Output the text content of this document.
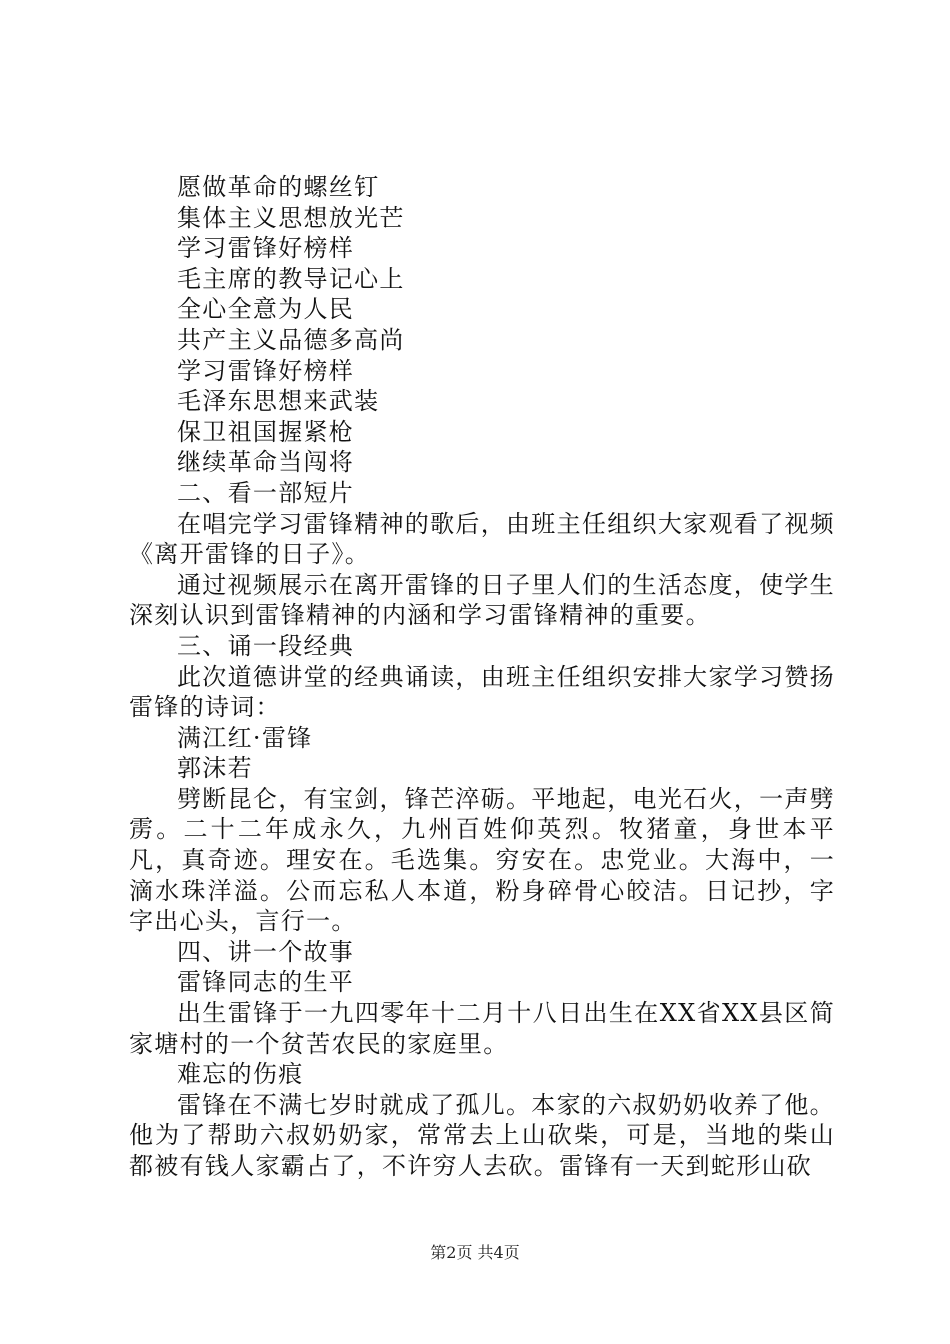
愿做革命的螺丝钉
集体主义思想放光芒
学习雷锋好榜样
毛主席的教导记心上
全心全意为人民
共产主义品德多高尚
学习雷锋好榜样
毛泽东思想来武装
保卫祖国握紧枪
继续革命当闯将
二、看一部短片

在唱完学习雷锋精神的歌后，由班主任组织大家观看了视频《离开雷锋的日子》。

通过视频展示在离开雷锋的日子里人们的生活态度，使学生深刻认识到雷锋精神的内涵和学习雷锋精神的重要。

三、诵一段经典

此次道德讲堂的经典诵读，由班主任组织安排大家学习赞扬雷锋的诗词：

满江红·雷锋
郭沫若

劈断昆仑，有宝剑，锋芒淬砺。平地起，电光石火，一声劈雳。二十二年成永久，九州百姓仰英烈。牧猪童，身世本平凡，真奇迹。理安在。毛选集。穷安在。忠党业。大海中，一滴水珠洋溢。公而忘私人本道，粉身碎骨心皎洁。日记抄，字字出心头，言行一。

四、讲一个故事
雷锋同志的生平

出生雷锋于一九四零年十二月十八日出生在XX省XX县区简家塘村的一个贫苦农民的家庭里。

难忘的伤痕

雷锋在不满七岁时就成了孤儿。本家的六叔奶奶收养了他。他为了帮助六叔奶奶家，常常去上山砍柴，可是，当地的柴山都被有钱人家霸占了，不许穷人去砍。雷锋有一天到蛇形山砍

第2页 共4页
